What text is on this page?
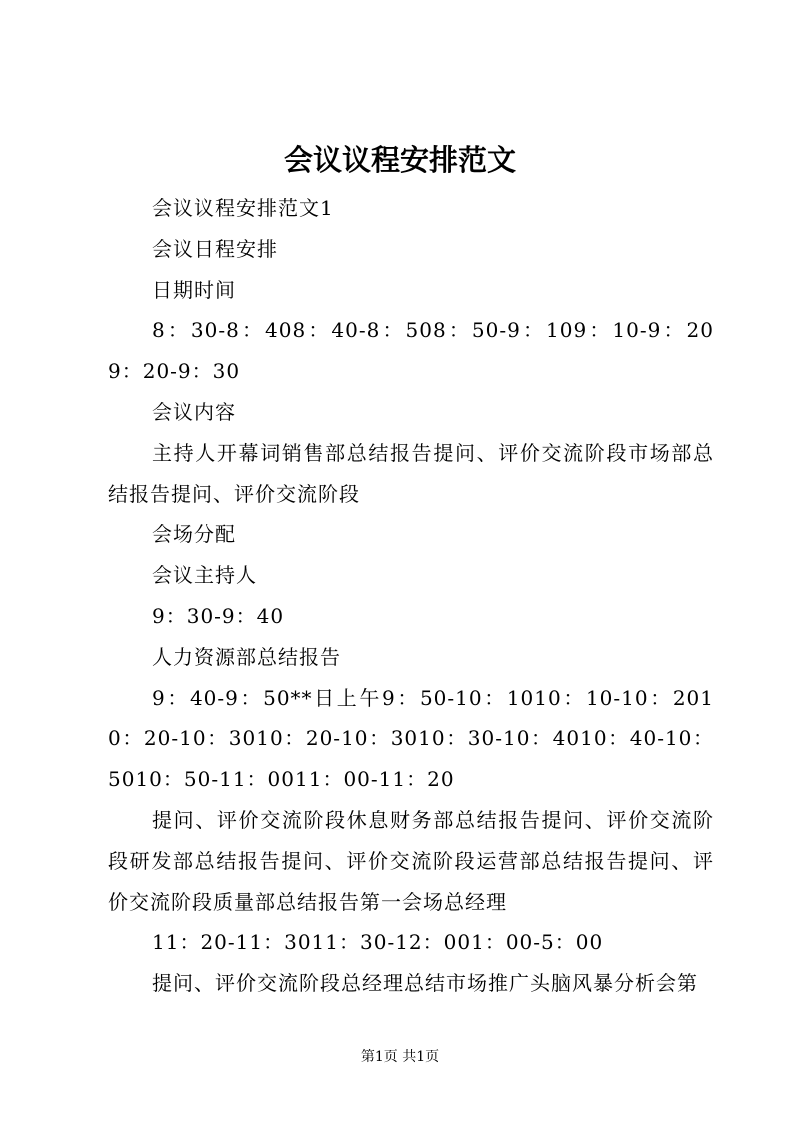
会议议程安排范文

会议议程安排范文1

会议日程安排

日期时间

8：30-8：408：40-8：508：50-9：109：10-9：209：20-9：30

会议内容

主持人开幕词销售部总结报告提问、评价交流阶段市场部总结报告提问、评价交流阶段

会场分配

会议主持人

9：30-9：40

人力资源部总结报告

9：40-9：50**日上午9：50-10：1010：10-10：2010：20-10：3010：20-10：3010：30-10：4010：40-10：5010：50-11：0011：00-11：20

提问、评价交流阶段休息财务部总结报告提问、评价交流阶段研发部总结报告提问、评价交流阶段运营部总结报告提问、评价交流阶段质量部总结报告第一会场总经理

11：20-11：3011：30-12：001：00-5：00

提问、评价交流阶段总经理总结市场推广头脑风暴分析会第

第1页 共1页
